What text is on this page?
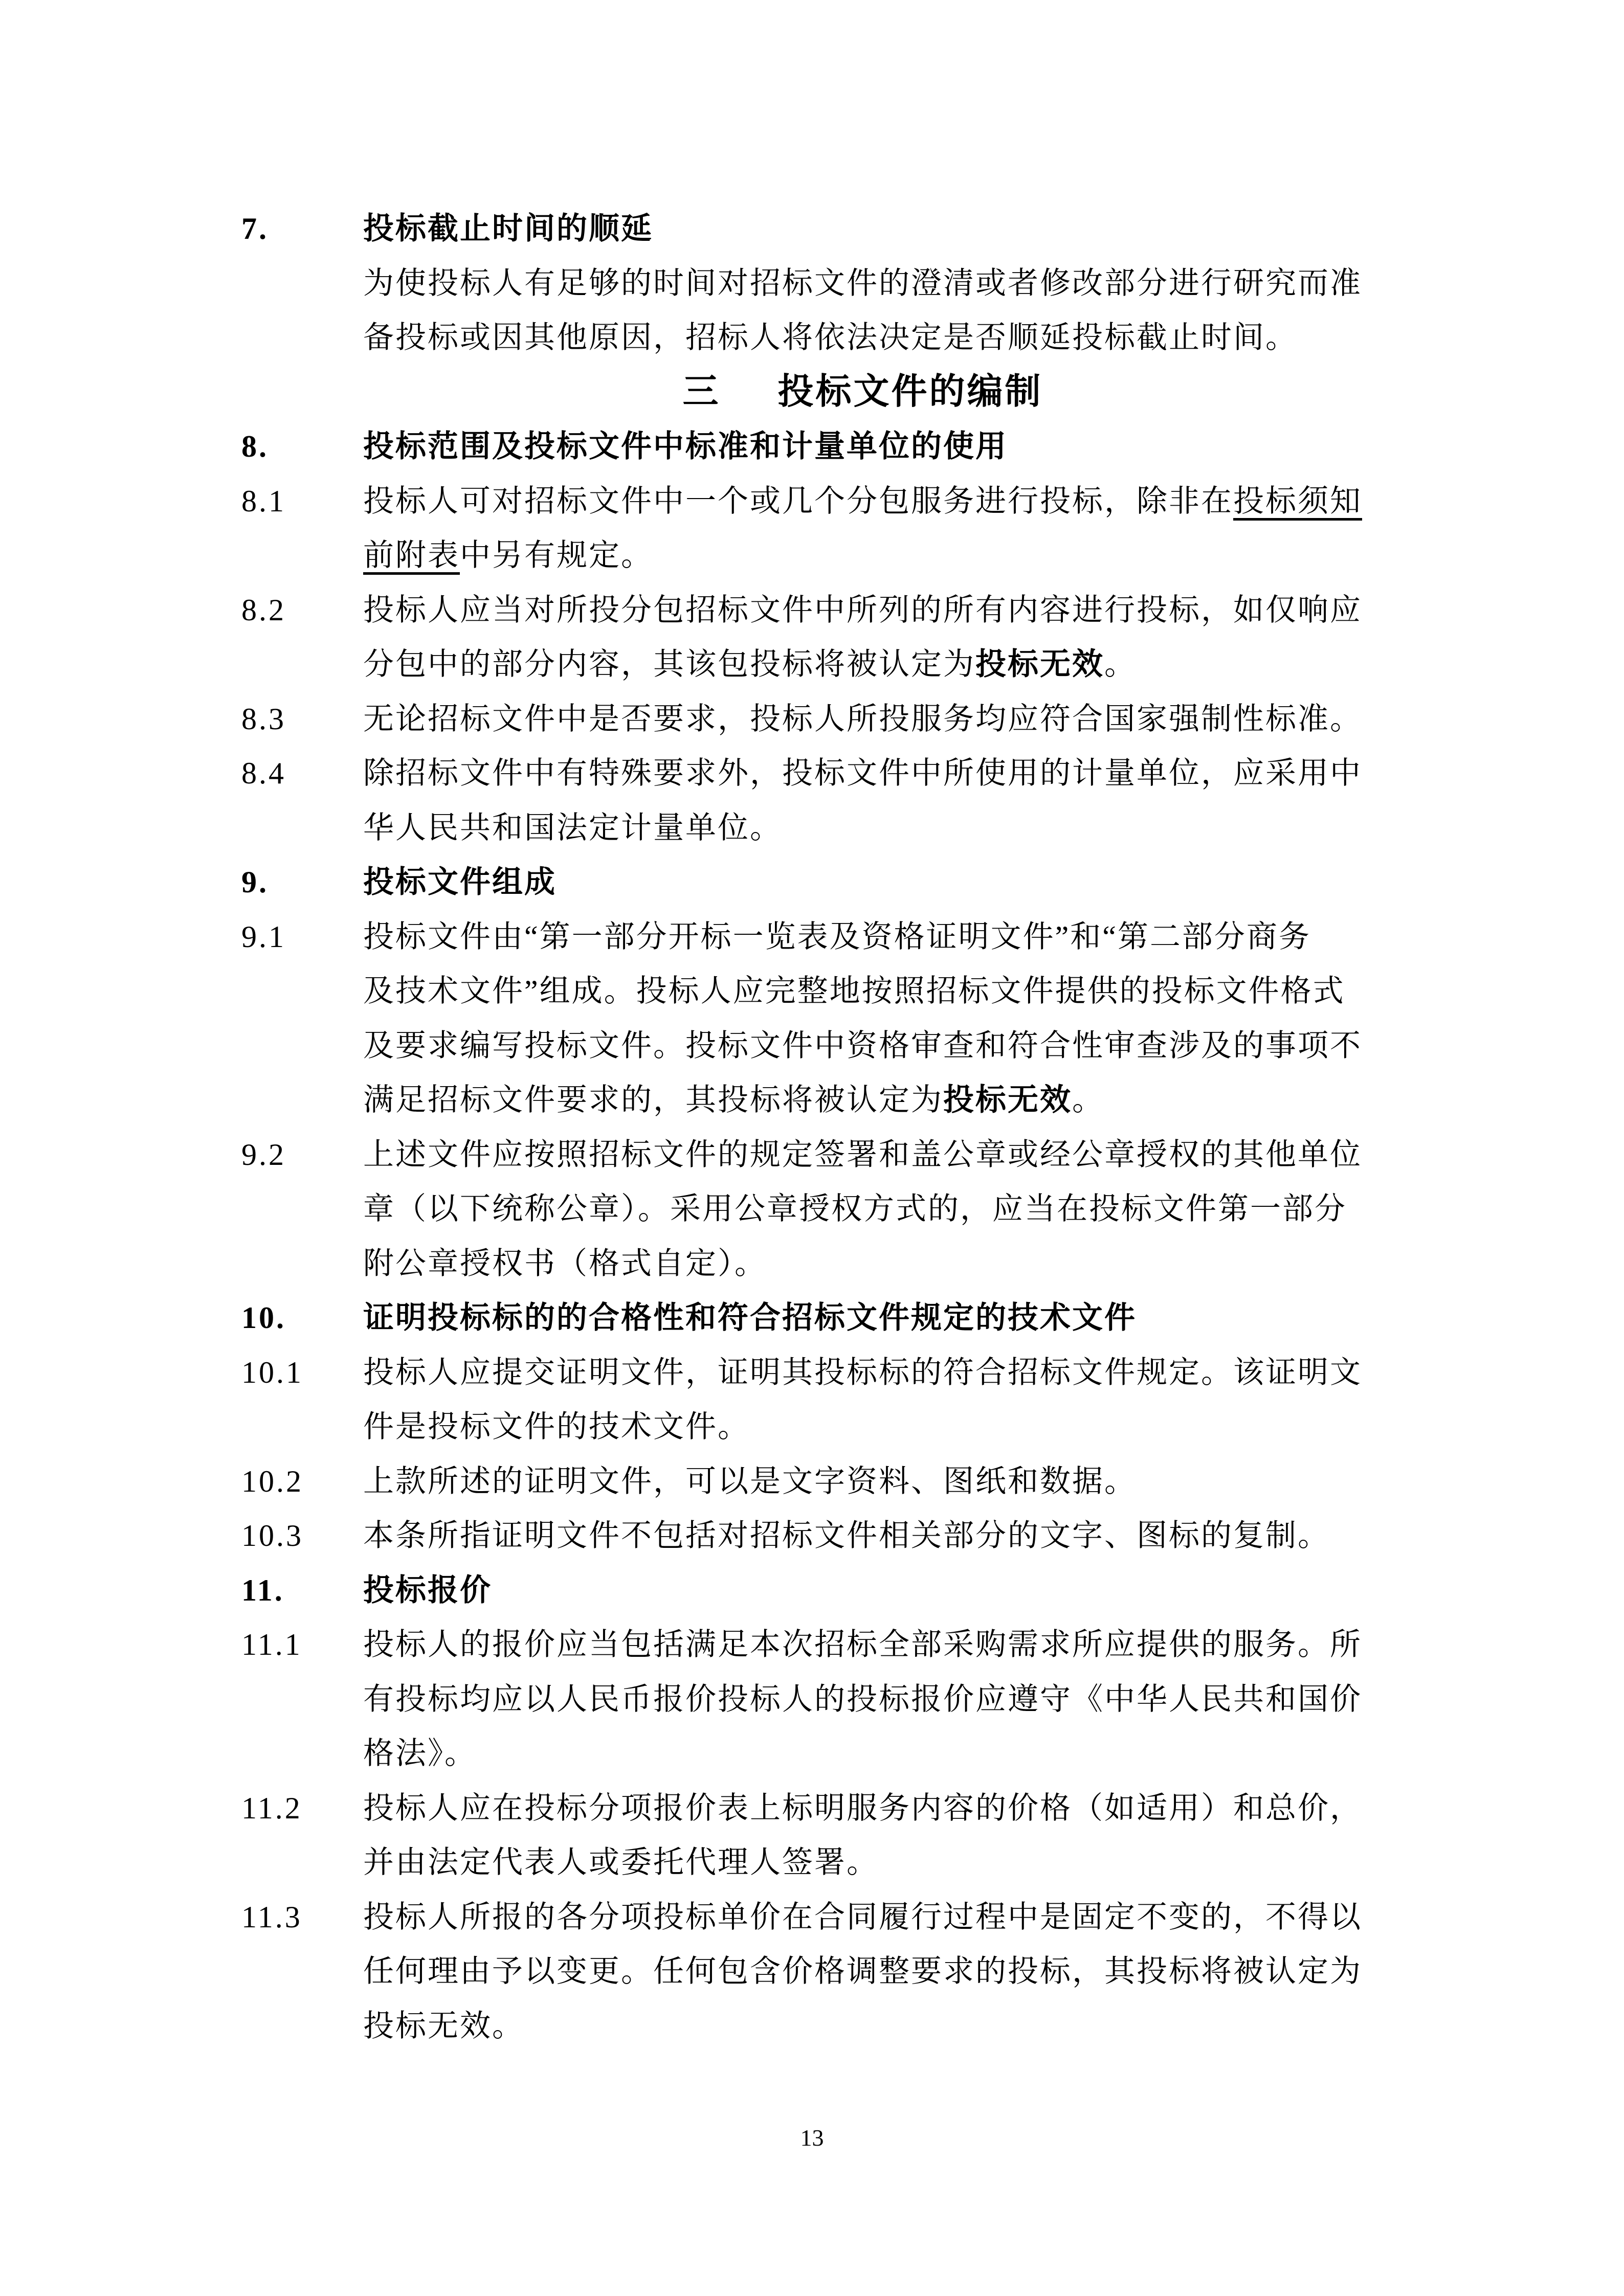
7.	投标截止时间的顺延
为使投标人有足够的时间对招标文件的澄清或者修改部分进行研究而准
备投标或因其他原因，招标人将依法决定是否顺延投标截止时间。
三 投标文件的编制
8.	投标范围及投标文件中标准和计量单位的使用
8.1	投标人可对招标文件中一个或几个分包服务进行投标，除非在投标须知
前附表中另有规定。
8.2	投标人应当对所投分包招标文件中所列的所有内容进行投标，如仅响应
分包中的部分内容，其该包投标将被认定为投标无效。
8.3	无论招标文件中是否要求，投标人所投服务均应符合国家强制性标准。
8.4	除招标文件中有特殊要求外，投标文件中所使用的计量单位，应采用中
华人民共和国法定计量单位。
9.	投标文件组成
9.1	投标文件由“第一部分开标一览表及资格证明文件”和“第二部分商务
及技术文件”组成。投标人应完整地按照招标文件提供的投标文件格式
及要求编写投标文件。投标文件中资格审查和符合性审查涉及的事项不
满足招标文件要求的，其投标将被认定为投标无效。
9.2	上述文件应按照招标文件的规定签署和盖公章或经公章授权的其他单位
章（以下统称公章）。采用公章授权方式的，应当在投标文件第一部分
附公章授权书（格式自定）。
10.	证明投标标的的合格性和符合招标文件规定的技术文件
10.1	投标人应提交证明文件，证明其投标标的符合招标文件规定。该证明文
件是投标文件的技术文件。
10.2	上款所述的证明文件，可以是文字资料、图纸和数据。
10.3	本条所指证明文件不包括对招标文件相关部分的文字、图标的复制。
11.	投标报价
11.1	投标人的报价应当包括满足本次招标全部采购需求所应提供的服务。所
有投标均应以人民币报价投标人的投标报价应遵守《中华人民共和国价
格法》。
11.2	投标人应在投标分项报价表上标明服务内容的价格（如适用）和总价，
并由法定代表人或委托代理人签署。
11.3	投标人所报的各分项投标单价在合同履行过程中是固定不变的，不得以
任何理由予以变更。任何包含价格调整要求的投标，其投标将被认定为
投标无效。
13
